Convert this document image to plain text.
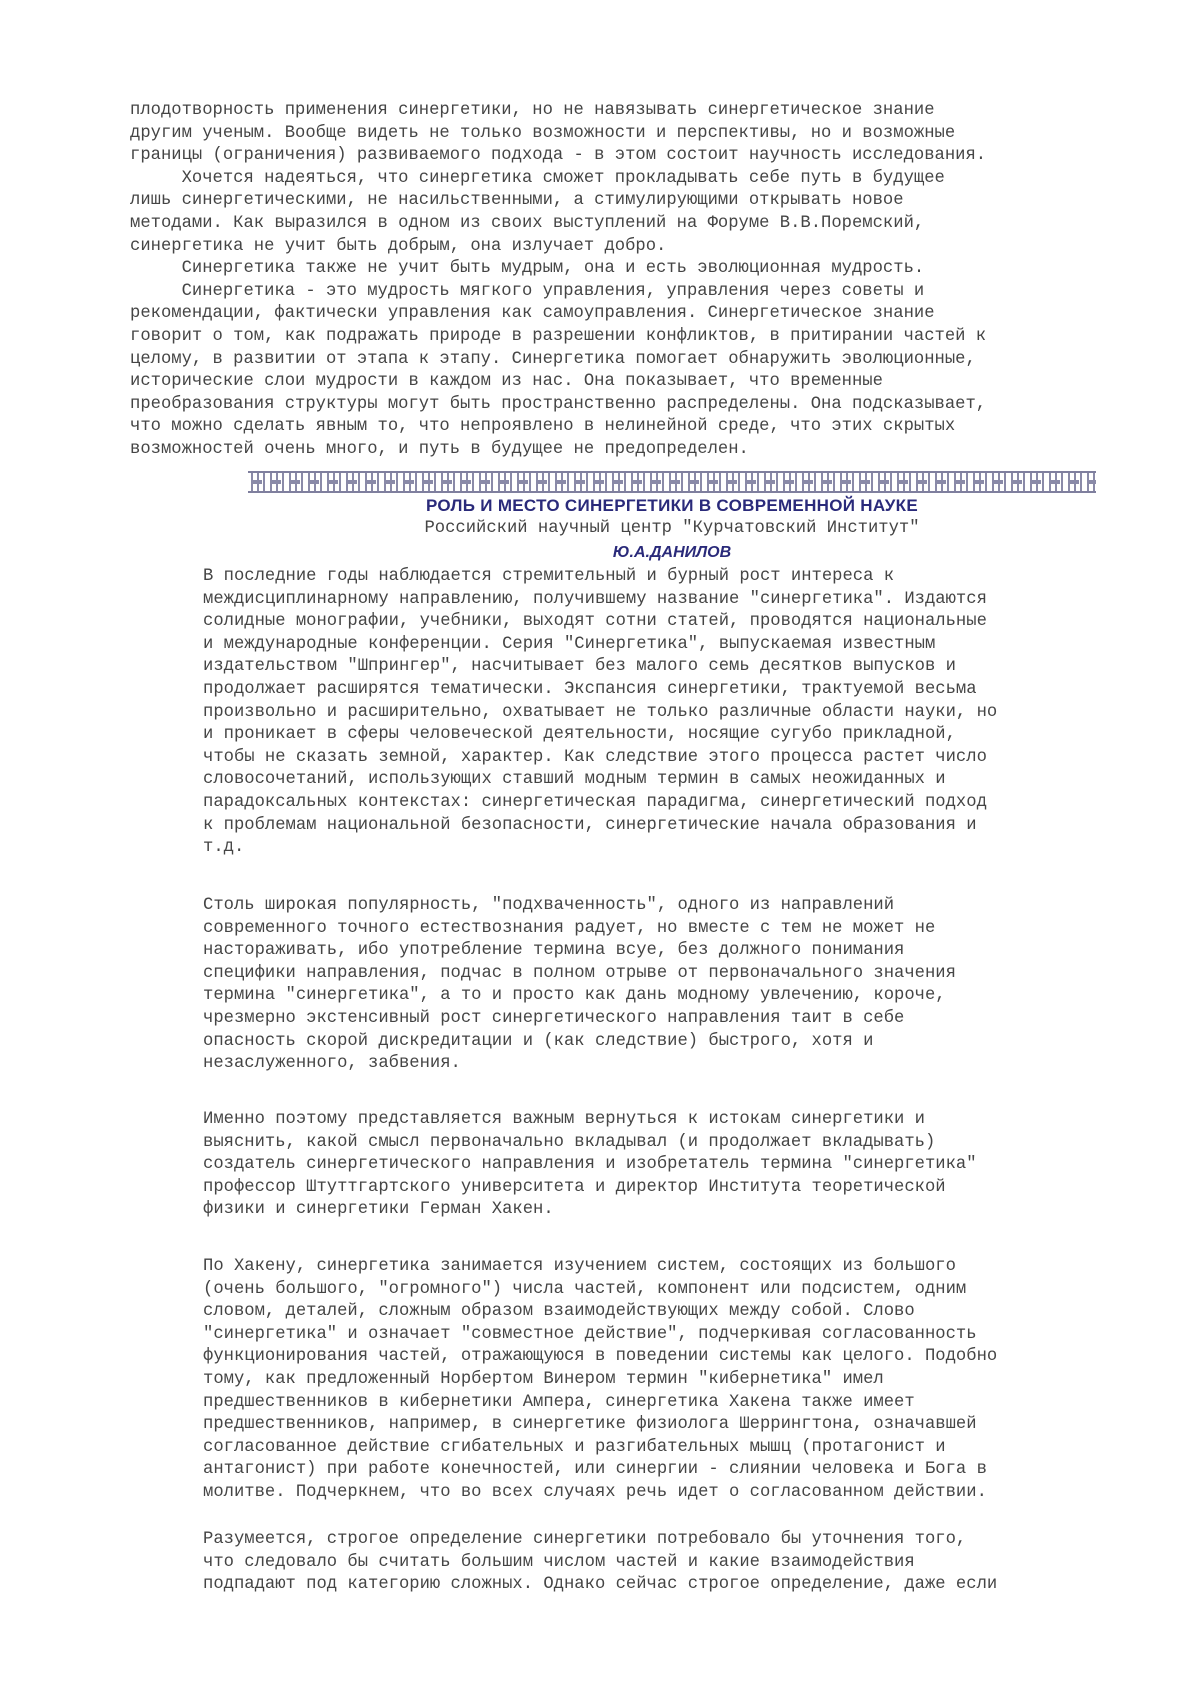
плодотворность применения синергетики, но не навязывать синергетическое знание
другим ученым. Вообще видеть не только возможности и перспективы, но и возможные
границы (ограничения) развиваемого подхода - в этом состоит научность исследования.
Хочется надеяться, что синергетика сможет прокладывать себе путь в будущее
лишь синергетическими, не насильственными, а стимулирующими открывать новое
методами. Как выразился в одном из своих выступлений на Форуме В.В.Поремский,
синергетика не учит быть добрым, она излучает добро.
Синергетика также не учит быть мудрым, она и есть эволюционная мудрость.
Синергетика - это мудрость мягкого управления, управления через советы и
рекомендации, фактически управления как самоуправления. Синергетическое знание
говорит о том, как подражать природе в разрешении конфликтов, в притирании частей к
целому, в развитии от этапа к этапу. Синергетика помогает обнаружить эволюционные,
исторические слои мудрости в каждом из нас. Она показывает, что временные
преобразования структуры могут быть пространственно распределены. Она подсказывает,
что можно сделать явным то, что непроявлено в нелинейной среде, что этих скрытых
возможностей очень много, и путь в будущее не предопределен.
РОЛЬ И МЕСТО СИНЕРГЕТИКИ В СОВРЕМЕННОЙ НАУКЕ
Российский научный центр "Курчатовский Институт"
Ю.А.ДАНИЛОВ
В последние годы наблюдается стремительный и бурный рост интереса к
междисциплинарному направлению, получившему название "синергетика". Издаются
солидные монографии, учебники, выходят сотни статей, проводятся национальные
и международные конференции. Серия "Синергетика", выпускаемая известным
издательством "Шпрингер", насчитывает без малого семь десятков выпусков и
продолжает расширятся тематически. Экспансия синергетики, трактуемой весьма
произвольно и расширительно, охватывает не только различные области науки, но
и проникает в сферы человеческой деятельности, носящие сугубо прикладной,
чтобы не сказать земной, характер. Как следствие этого процесса растет число
словосочетаний, использующих ставший модным термин в самых неожиданных и
парадоксальных контекстах: синергетическая парадигма, синергетический подход
к проблемам национальной безопасности, синергетические начала образования и
т.д.
Столь широкая популярность, "подхваченность", одного из направлений
современного точного естествознания радует, но вместе с тем не может не
настораживать, ибо употребление термина всуе, без должного понимания
специфики направления, подчас в полном отрыве от первоначального значения
термина "синергетика", а то и просто как дань модному увлечению, короче,
чрезмерно экстенсивный рост синергетического направления таит в себе
опасность скорой дискредитации и (как следствие) быстрого, хотя и
незаслуженного, забвения.
Именно поэтому представляется важным вернуться к истокам синергетики и
выяснить, какой смысл первоначально вкладывал (и продолжает вкладывать)
создатель синергетического направления и изобретатель термина "синергетика"
профессор Штуттгартского университета и директор Института теоретической
физики и синергетики Герман Хакен.
По Хакену, синергетика занимается изучением систем, состоящих из большого
(очень большого, "огромного") числа частей, компонент или подсистем, одним
словом, деталей, сложным образом взаимодействующих между собой. Слово
"синергетика" и означает "совместное действие", подчеркивая согласованность
функционирования частей, отражающуюся в поведении системы как целого. Подобно
тому, как предложенный Норбертом Винером термин "кибернетика" имел
предшественников в кибернетики Ампера, синергетика Хакена также имеет
предшественников, например, в синергетике физиолога Шеррингтона, означавшей
согласованное действие сгибательных и разгибательных мышц (протагонист и
антагонист) при работе конечностей, или синергии - слиянии человека и Бога в
молитве. Подчеркнем, что во всех случаях речь идет о согласованном действии.
Разумеется, строгое определение синергетики потребовало бы уточнения того,
что следовало бы считать большим числом частей и какие взаимодействия
подпадают под категорию сложных. Однако сейчас строгое определение, даже если
